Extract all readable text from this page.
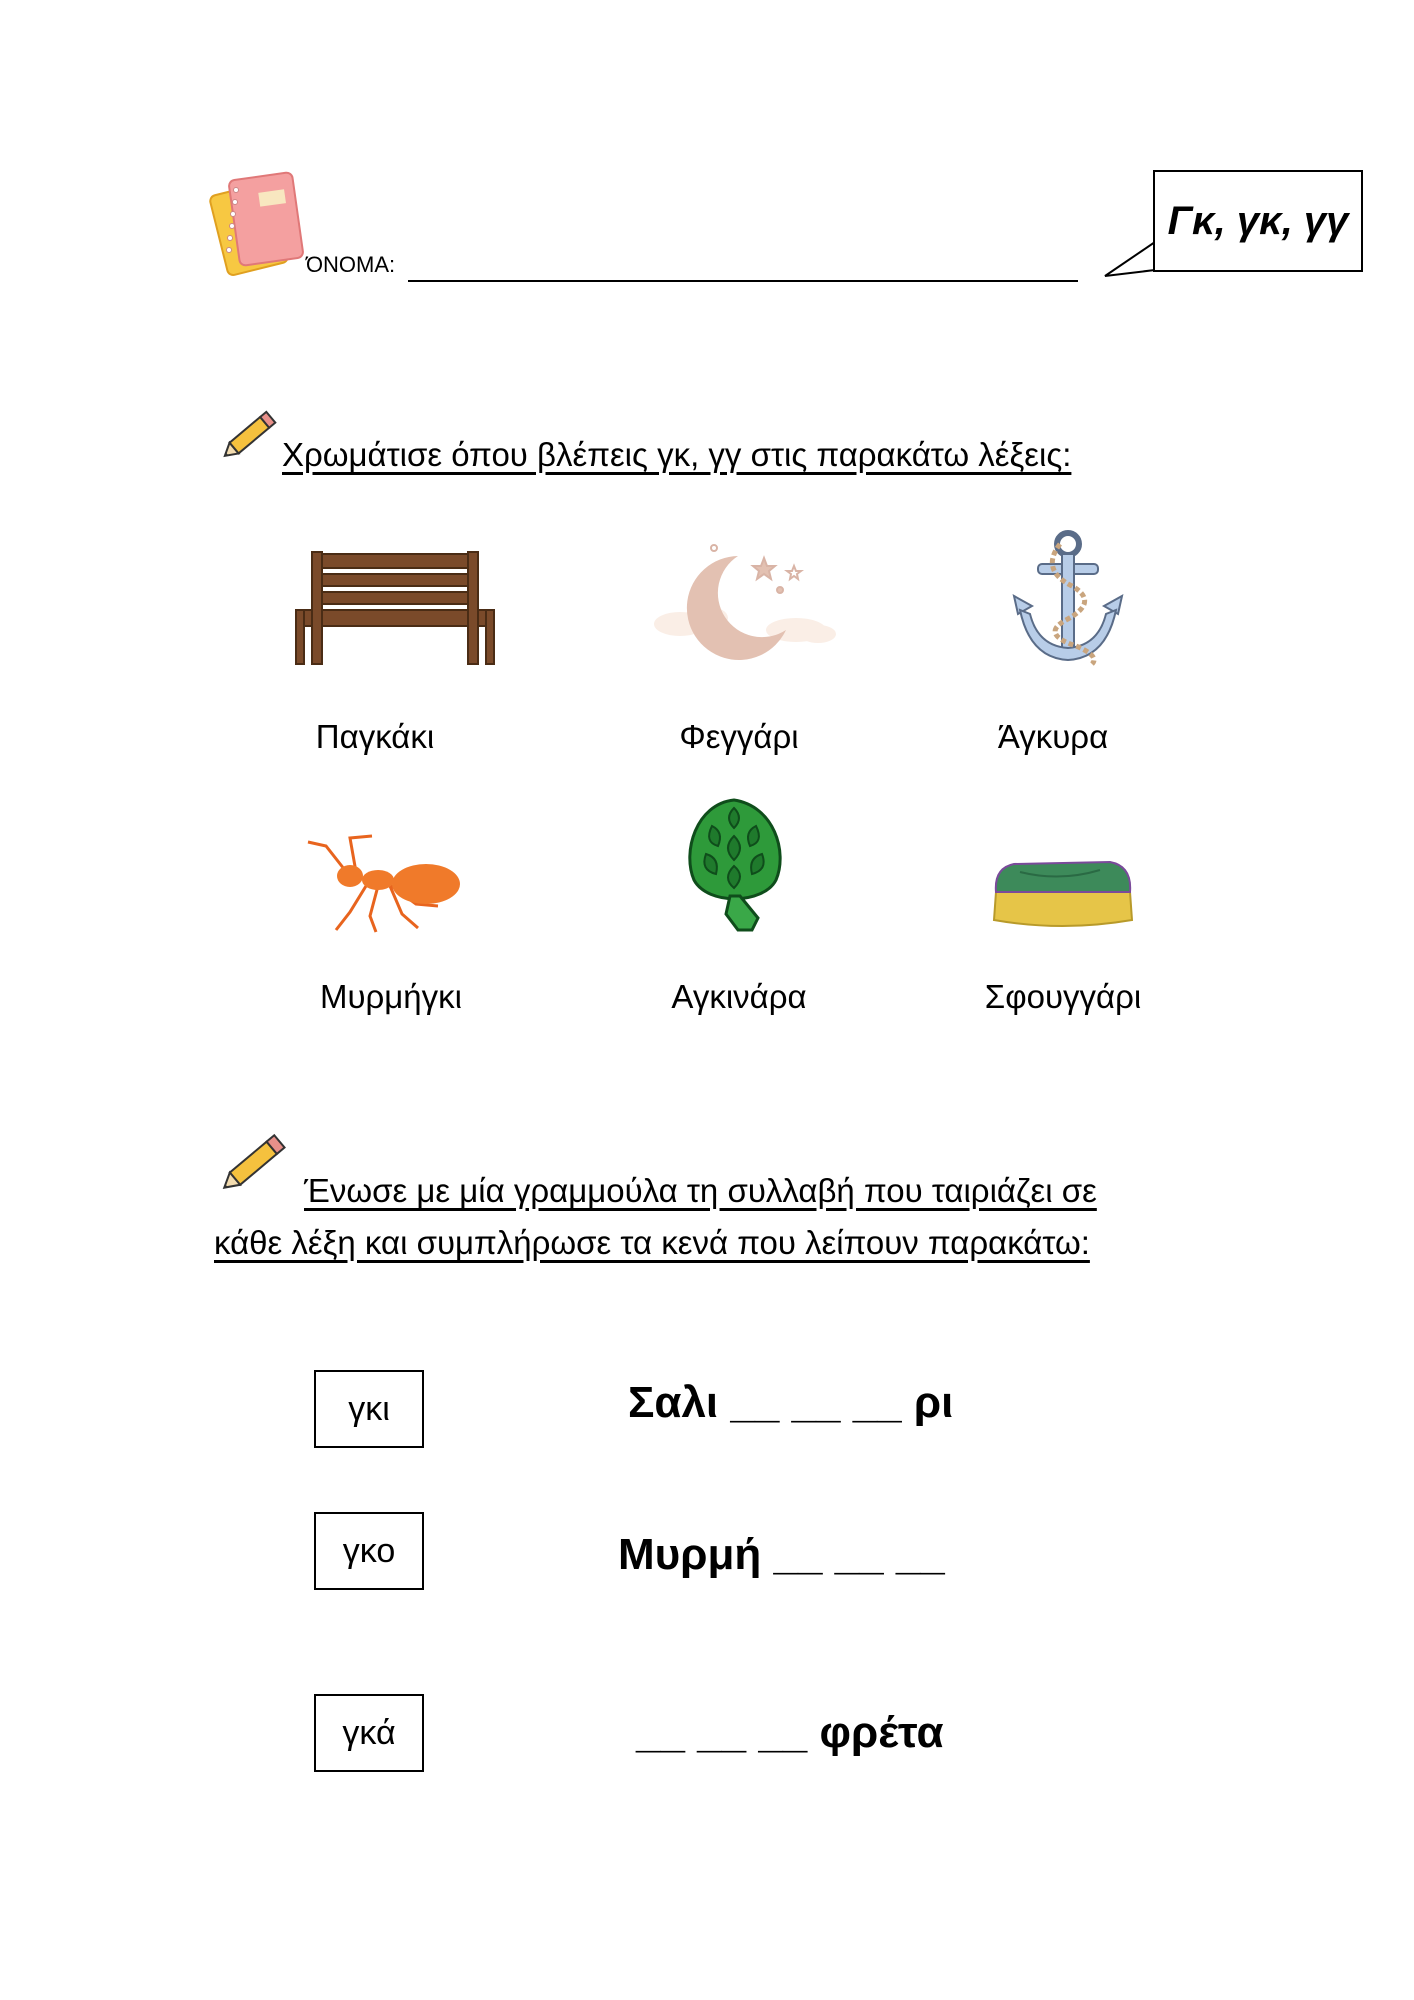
ΌΝΟΜΑ:
Γκ, γκ, γγ
Χρωμάτισε όπου βλέπεις γκ, γγ στις παρακάτω λέξεις:
Παγκάκι	Φεγγάρι	Άγκυρα
Μυρμήγκι	Αγκινάρα	Σφουγγάρι
Ένωσε με μία γραμμούλα τη συλλαβή που ταιριάζει σε
κάθε λέξη και συμπλήρωσε τα κενά που λείπουν παρακάτω:
γκι
γκο
γκά
Σαλι __ __ __ ρι
Μυρμή __ __ __
__ __ __ φρέτα
